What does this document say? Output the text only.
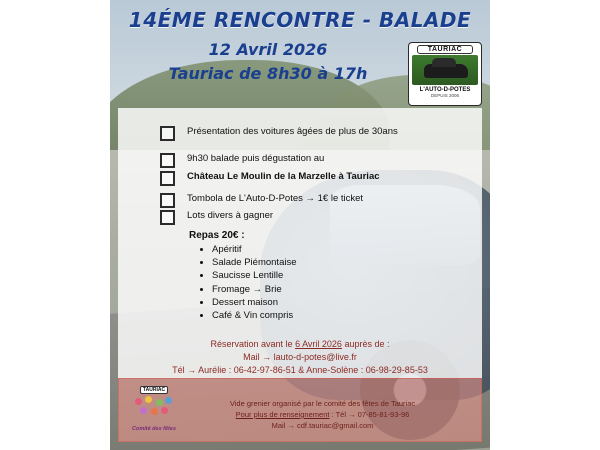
14ÉME RENCONTRE - BALADE
12 Avril 2026
Tauriac de 8h30 à 17h
TAURIAC
L'AUTO-D-POTES
DEPUIS 2006
Présentation des voitures âgées de plus de 30ans
9h30 balade puis dégustation au
Château Le Moulin de la Marzelle à Tauriac
Tombola de L'Auto-D-Potes → 1€ le ticket
Lots divers à gagner
Repas 20€ :
• Apéritif
• Salade Piémontaise
• Saucisse Lentille
• Fromage → Brie
• Dessert maison
• Café & Vin compris
Réservation avant le 6 Avril 2026 auprès de :
Mail → lauto-d-potes@live.fr
Tél → Aurélie : 06-42-97-86-51 & Anne-Solène : 06-98-29-85-53
TAURIAC
Comité des fêtes
Vide grenier organisé par le comité des fêtes de Tauriac
Pour plus de renseignement : Tél → 07-85-81-93-96
Mail → cdf.tauriac@gmail.com
